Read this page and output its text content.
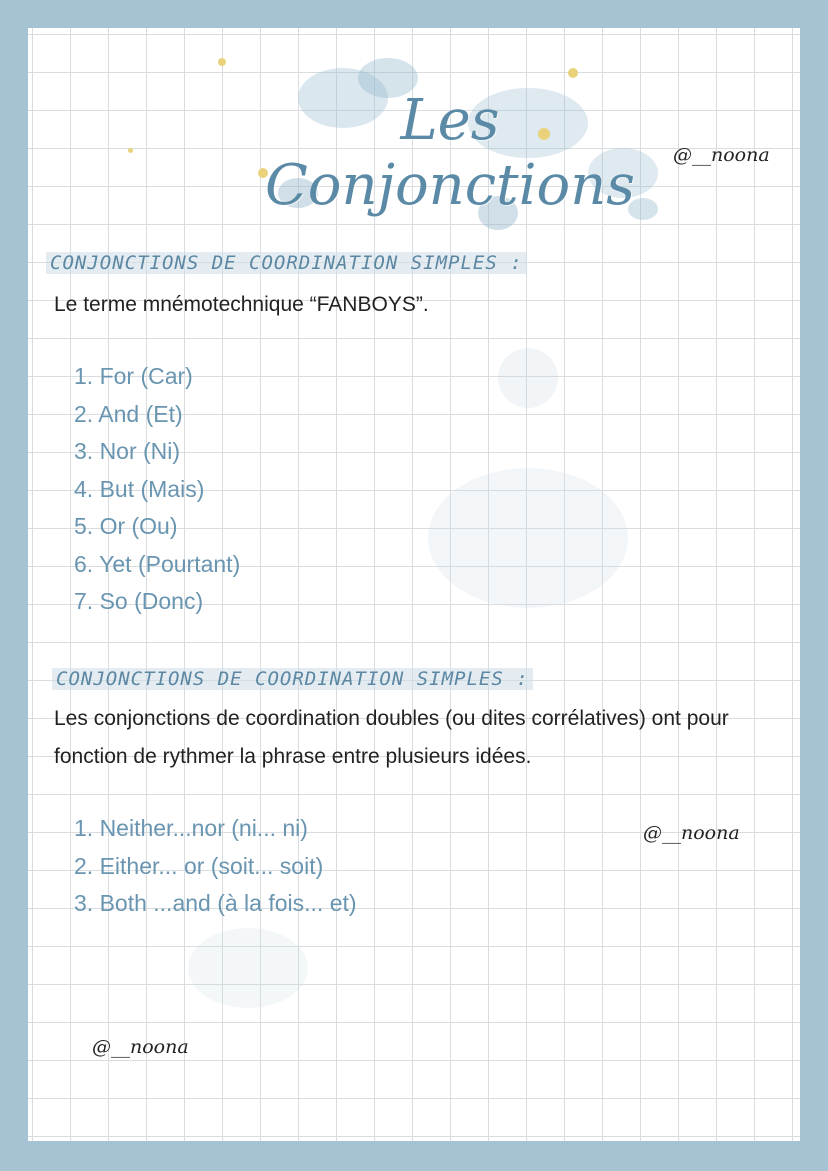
Les Conjonctions	@__noona
CONJONCTIONS DE COORDINATION SIMPLES :
Le terme mnémotechnique “FANBOYS”.
1. For (Car)
2. And (Et)
3. Nor (Ni)
4. But (Mais)
5. Or (Ou)
6. Yet (Pourtant)
7. So (Donc)
CONJONCTIONS DE COORDINATION SIMPLES :
Les conjonctions de coordination doubles (ou dites corrélatives) ont pour
fonction de rythmer la phrase entre plusieurs idées.
1. Neither...nor (ni... ni)
2. Either... or (soit... soit)
3. Both ...and (à la fois... et)
@__noona
@__noona
